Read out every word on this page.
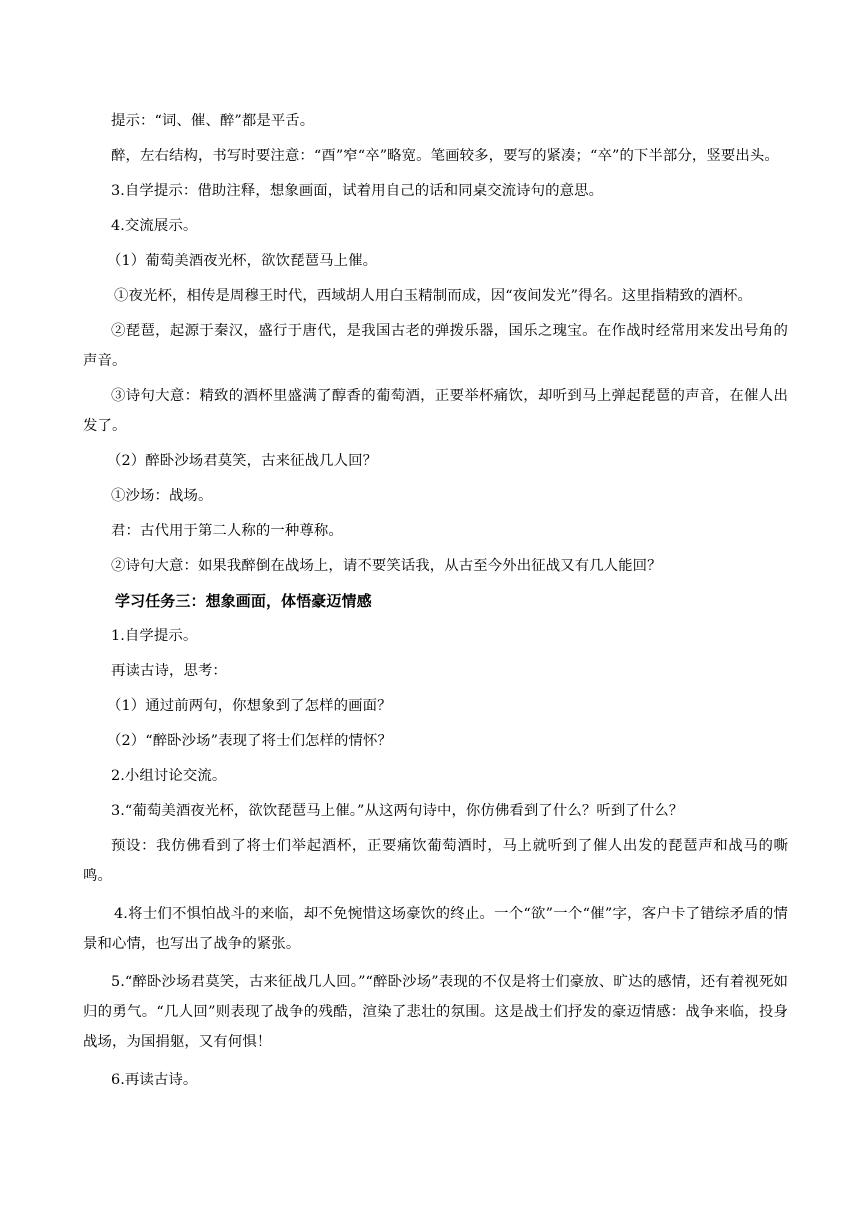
提示：“词、催、醉”都是平舌。

醉，左右结构，书写时要注意：“酉”窄“卒”略宽。笔画较多，要写的紧凑；“卒”的下半部分，竖要出头。

3.自学提示：借助注释，想象画面，试着用自己的话和同桌交流诗句的意思。

4.交流展示。

（1）葡萄美酒夜光杯，欲饮琵琶马上催。

①夜光杯，相传是周穆王时代，西域胡人用白玉精制而成，因“夜间发光”得名。这里指精致的酒杯。

②琵琶，起源于秦汉，盛行于唐代，是我国古老的弹拨乐器，国乐之瑰宝。在作战时经常用来发出号角的声音。

③诗句大意：精致的酒杯里盛满了醇香的葡萄酒，正要举杯痛饮，却听到马上弹起琵琶的声音，在催人出发了。

（2）醉卧沙场君莫笑，古来征战几人回？

①沙场：战场。

君：古代用于第二人称的一种尊称。

②诗句大意：如果我醉倒在战场上，请不要笑话我，从古至今外出征战又有几人能回？

学习任务三：想象画面，体悟豪迈情感

1.自学提示。

再读古诗，思考：

（1）通过前两句，你想象到了怎样的画面？

（2）“醉卧沙场”表现了将士们怎样的情怀？

2.小组讨论交流。

3.“葡萄美酒夜光杯，欲饮琵琶马上催。”从这两句诗中，你仿佛看到了什么？听到了什么？

预设：我仿佛看到了将士们举起酒杯，正要痛饮葡萄酒时，马上就听到了催人出发的琵琶声和战马的嘶鸣。

4.将士们不惧怕战斗的来临，却不免惋惜这场豪饮的终止。一个“欲”一个“催”字，客户卡了错综矛盾的情景和心情，也写出了战争的紧张。

5.“醉卧沙场君莫笑，古来征战几人回。”“醉卧沙场”表现的不仅是将士们豪放、旷达的感情，还有着视死如归的勇气。“几人回”则表现了战争的残酷，渲染了悲壮的氛围。这是战士们抒发的豪迈情感：战争来临，投身战场，为国捐躯，又有何惧！

6.再读古诗。
